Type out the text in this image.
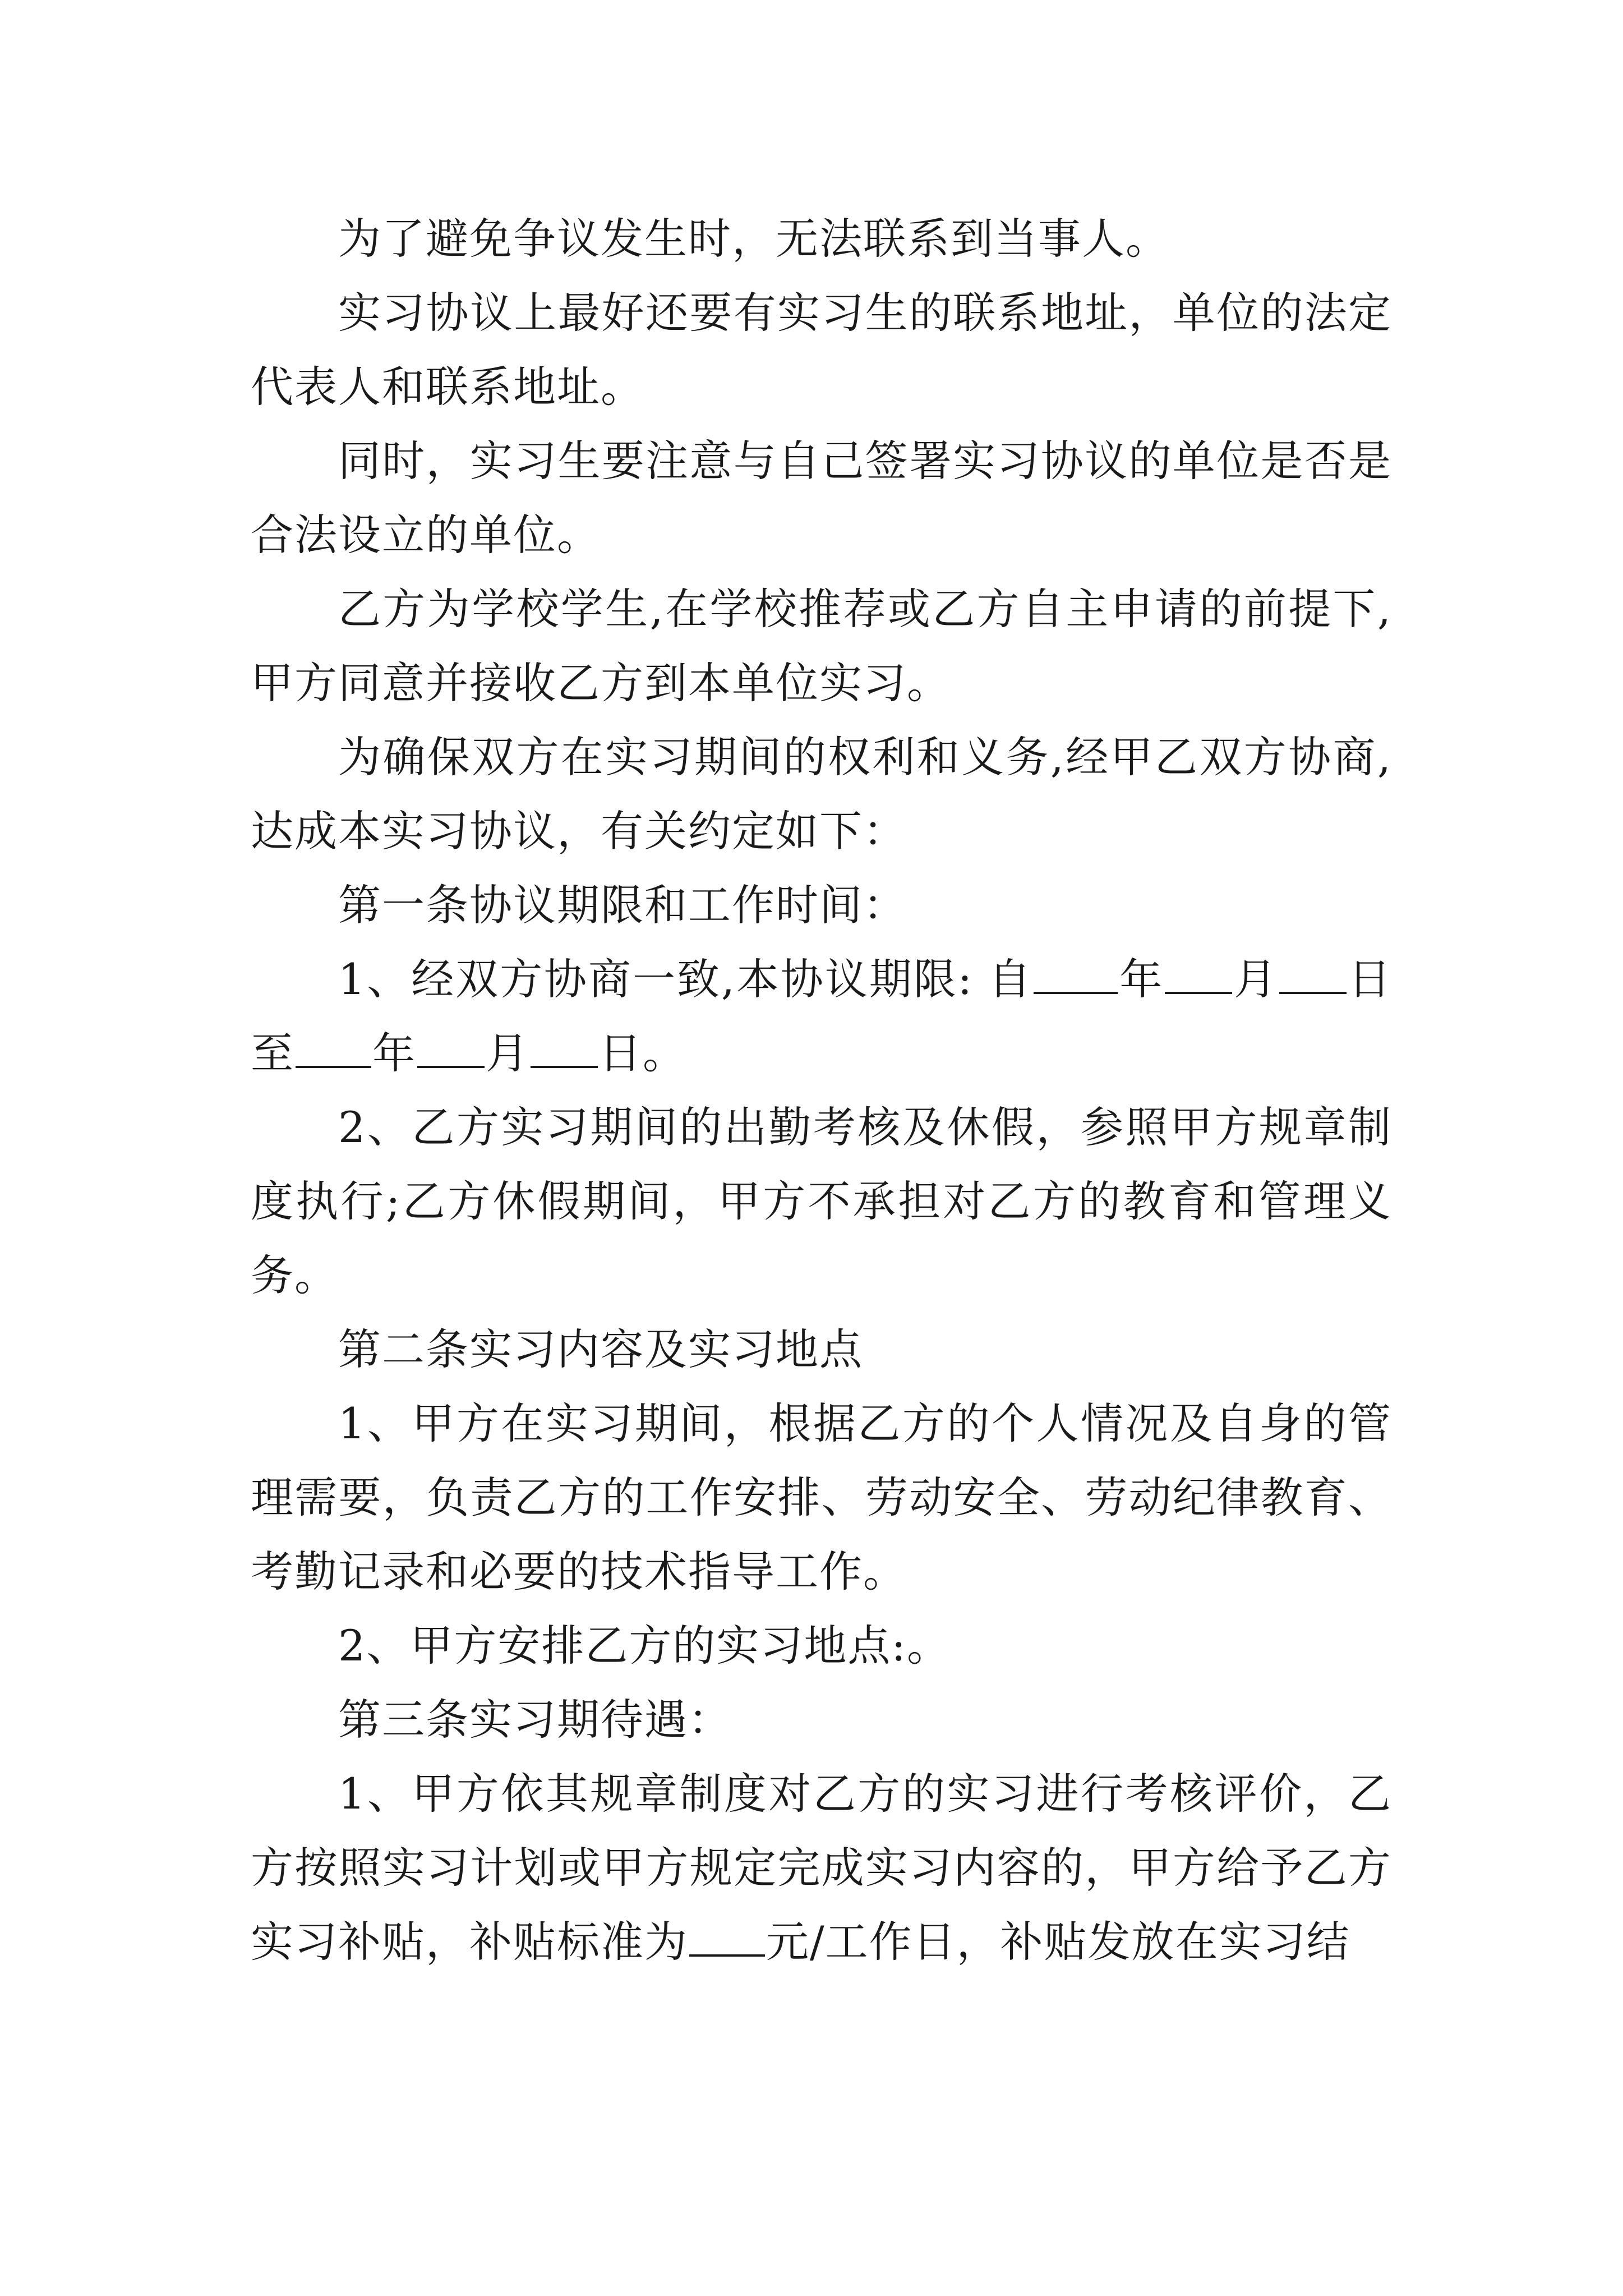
为了避免争议发生时，无法联系到当事人。

实习协议上最好还要有实习生的联系地址，单位的法定代表人和联系地址。

同时，实习生要注意与自己签署实习协议的单位是否是合法设立的单位。

乙方为学校学生,在学校推荐或乙方自主申请的前提下,甲方同意并接收乙方到本单位实习。

为确保双方在实习期间的权利和义务,经甲乙双方协商,达成本实习协议，有关约定如下：

第一条协议期限和工作时间：

1、经双方协商一致,本协议期限: 自 年 月 日至 年 月 日。

2、乙方实习期间的出勤考核及休假，参照甲方规章制度执行;乙方休假期间，甲方不承担对乙方的教育和管理义务。

第二条实习内容及实习地点

1、甲方在实习期间，根据乙方的个人情况及自身的管理需要，负责乙方的工作安排、劳动安全、劳动纪律教育、考勤记录和必要的技术指导工作。

2、甲方安排乙方的实习地点:。

第三条实习期待遇：

1、甲方依其规章制度对乙方的实习进行考核评价，乙方按照实习计划或甲方规定完成实习内容的，甲方给予乙方实习补贴，补贴标准为 元/工作日，补贴发放在实习结
